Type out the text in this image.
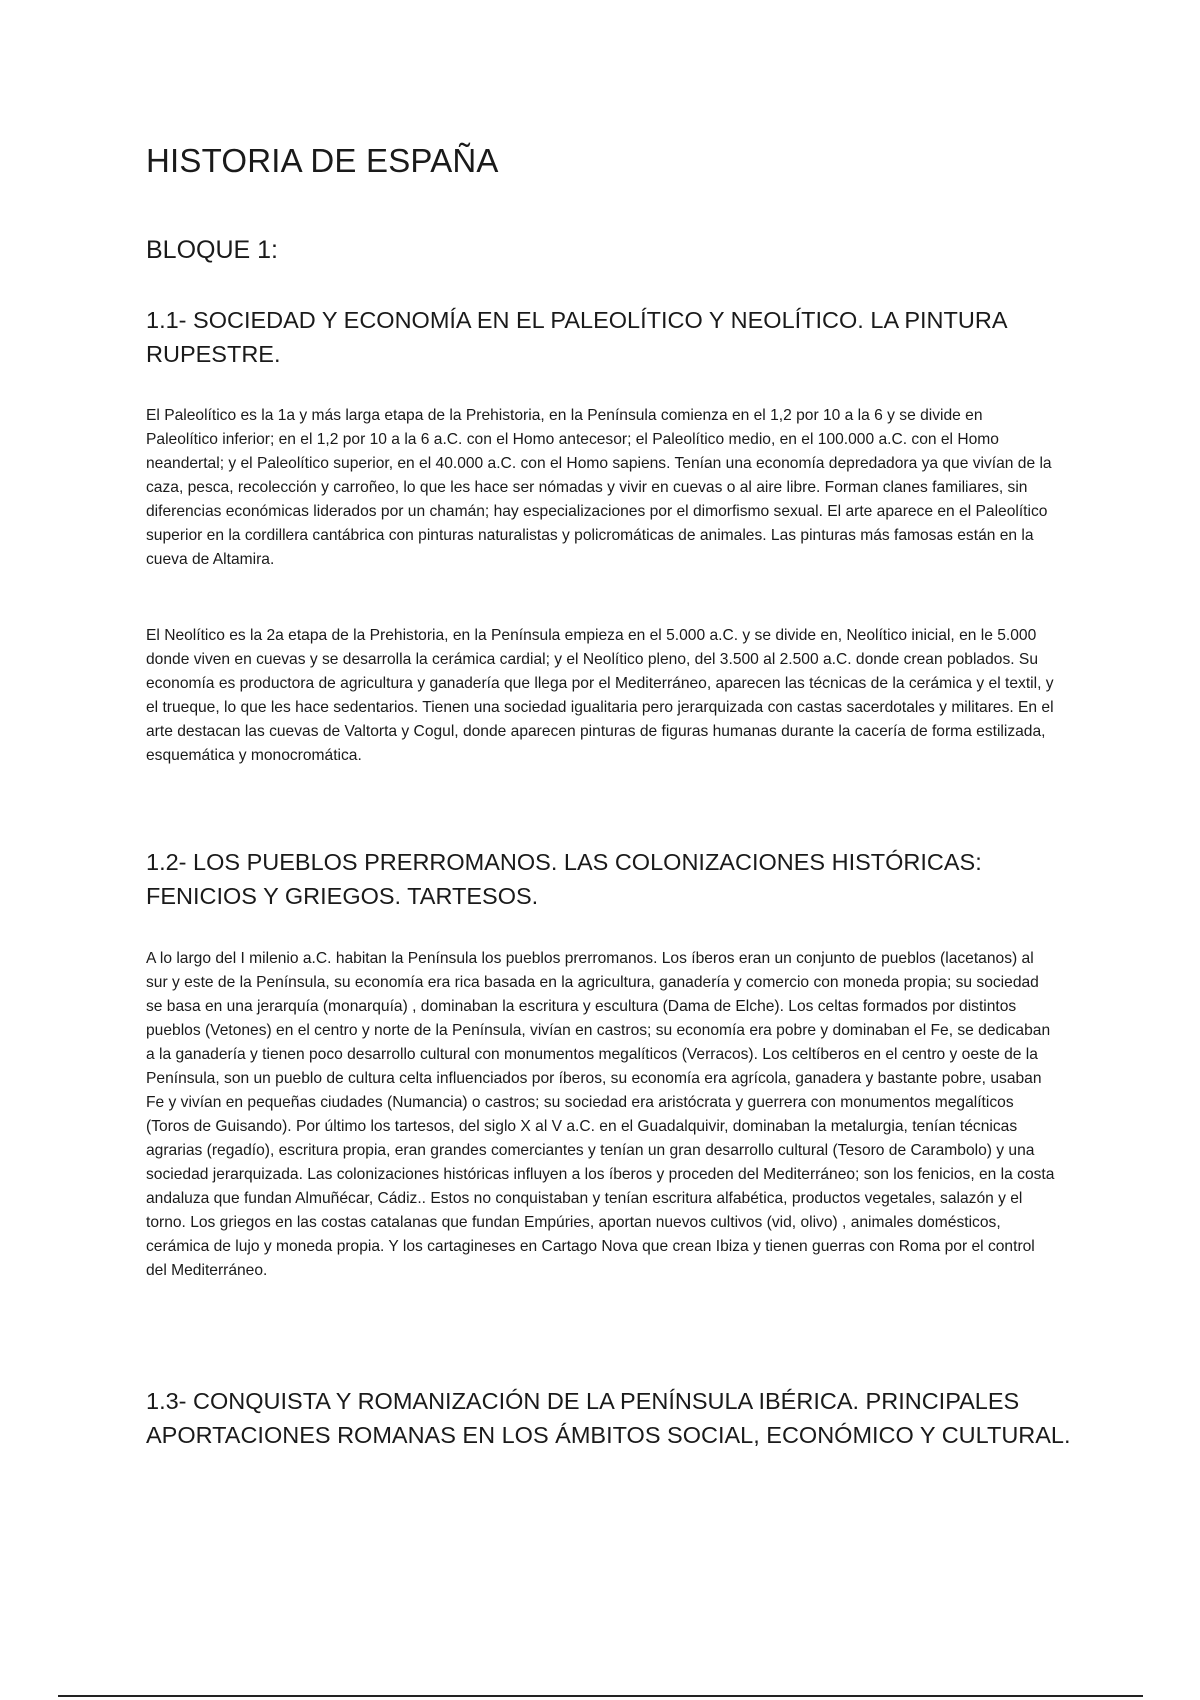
HISTORIA DE ESPAÑA
BLOQUE 1:
1.1- SOCIEDAD Y ECONOMÍA EN EL PALEOLÍTICO Y NEOLÍTICO. LA PINTURA RUPESTRE.

El Paleolítico es la 1a y más larga etapa de la Prehistoria, en la Península comienza en el 1,2 por 10 a la 6 y se divide en Paleolítico inferior; en el 1,2 por 10 a la 6 a.C. con el Homo antecesor; el Paleolítico medio, en el 100.000 a.C. con el Homo neandertal; y el Paleolítico superior, en el 40.000 a.C. con el Homo sapiens. Tenían una economía depredadora ya que vivían de la caza, pesca, recolección y carroñeo, lo que les hace ser nómadas y vivir en cuevas o al aire libre. Forman clanes familiares, sin diferencias económicas liderados por un chamán; hay especializaciones por el dimorfismo sexual. El arte aparece en el Paleolítico superior en la cordillera cantábrica con pinturas naturalistas y policromáticas de animales. Las pinturas más famosas están en la cueva de Altamira.

El Neolítico es la 2a etapa de la Prehistoria, en la Península empieza en el 5.000 a.C. y se divide en, Neolítico inicial, en le 5.000 donde viven en cuevas y se desarrolla la cerámica cardial; y el Neolítico pleno, del 3.500 al 2.500 a.C. donde crean poblados. Su economía es productora de agricultura y ganadería que llega por el Mediterráneo, aparecen las técnicas de la cerámica y el textil, y el trueque, lo que les hace sedentarios. Tienen una sociedad igualitaria pero jerarquizada con castas sacerdotales y militares. En el arte destacan las cuevas de Valtorta y Cogul, donde aparecen pinturas de figuras humanas durante la cacería de forma estilizada, esquemática y monocromática.

1.2- LOS PUEBLOS PRERROMANOS. LAS COLONIZACIONES HISTÓRICAS: FENICIOS Y GRIEGOS. TARTESOS.

A lo largo del I milenio a.C. habitan la Península los pueblos prerromanos. Los íberos eran un conjunto de pueblos (lacetanos) al sur y este de la Península, su economía era rica basada en la agricultura, ganadería y comercio con moneda propia; su sociedad se basa en una jerarquía (monarquía) , dominaban la escritura y escultura (Dama de Elche). Los celtas formados por distintos pueblos (Vetones) en el centro y norte de la Península, vivían en castros; su economía era pobre y dominaban el Fe, se dedicaban a la ganadería y tienen poco desarrollo cultural con monumentos megalíticos (Verracos). Los celtíberos en el centro y oeste de la Península, son un pueblo de cultura celta influenciados por íberos, su economía era agrícola, ganadera y bastante pobre, usaban Fe y vivían en pequeñas ciudades (Numancia) o castros; su sociedad era aristócrata y guerrera con monumentos megalíticos (Toros de Guisando). Por último los tartesos, del siglo X al V a.C. en el Guadalquivir, dominaban la metalurgia, tenían técnicas agrarias (regadío), escritura propia, eran grandes comerciantes y tenían un gran desarrollo cultural (Tesoro de Carambolo) y una sociedad jerarquizada. Las colonizaciones históricas influyen a los íberos y proceden del Mediterráneo; son los fenicios, en la costa andaluza que fundan Almuñécar, Cádiz.. Estos no conquistaban y tenían escritura alfabética, productos vegetales, salazón y el torno. Los griegos en las costas catalanas que fundan Empúries, aportan nuevos cultivos (vid, olivo) , animales domésticos, cerámica de lujo y moneda propia. Y los cartagineses en Cartago Nova que crean Ibiza y tienen guerras con Roma por el control del Mediterráneo.

1.3- CONQUISTA Y ROMANIZACIÓN DE LA PENÍNSULA IBÉRICA. PRINCIPALES APORTACIONES ROMANAS EN LOS ÁMBITOS SOCIAL, ECONÓMICO Y CULTURAL.
